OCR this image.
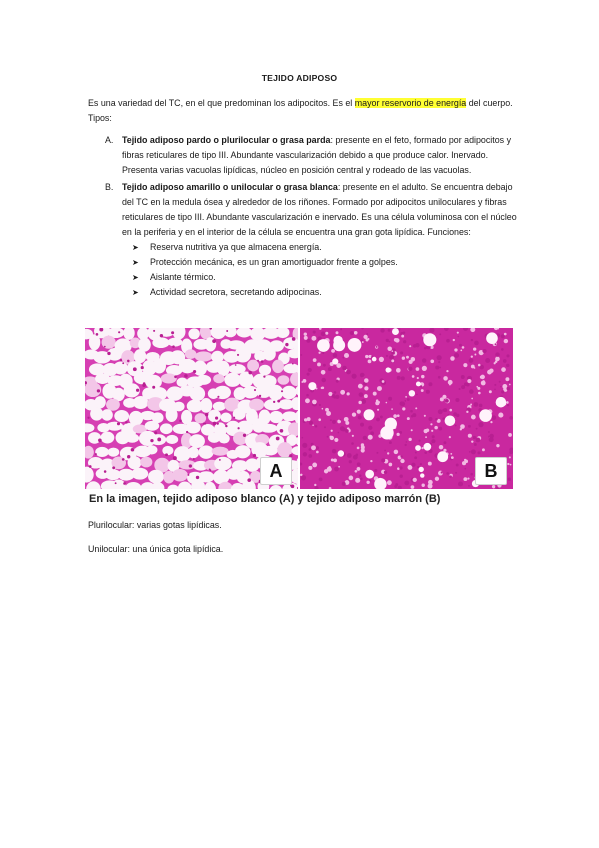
TEJIDO ADIPOSO
Es una variedad del TC, en el que predominan los adipocitos. Es el mayor reservorio de energía del cuerpo. Tipos:
A. Tejido adiposo pardo o plurilocular o grasa parda: presente en el feto, formado por adipocitos y fibras reticulares de tipo III. Abundante vascularización debido a que produce calor. Inervado. Presenta varias vacuolas lipídicas, núcleo en posición central y rodeado de las vacuolas.
B. Tejido adiposo amarillo o unilocular o grasa blanca: presente en el adulto. Se encuentra debajo del TC en la medula ósea y alrededor de los riñones. Formado por adipocitos uniloculares y fibras reticulares de tipo III. Abundante vascularización e inervado. Es una célula voluminosa con el núcleo en la periferia y en el interior de la célula se encuentra una gran gota lipídica. Funciones:
➤ Reserva nutritiva ya que almacena energía.
➤ Protección mecánica, es un gran amortiguador frente a golpes.
➤ Aislante térmico.
➤ Actividad secretora, secretando adipocinas.
A	B
En la imagen, tejido adiposo blanco (A) y tejido adiposo marrón (B)
Plurilocular: varias gotas lipídicas.
Unilocular: una única gota lipídica.
